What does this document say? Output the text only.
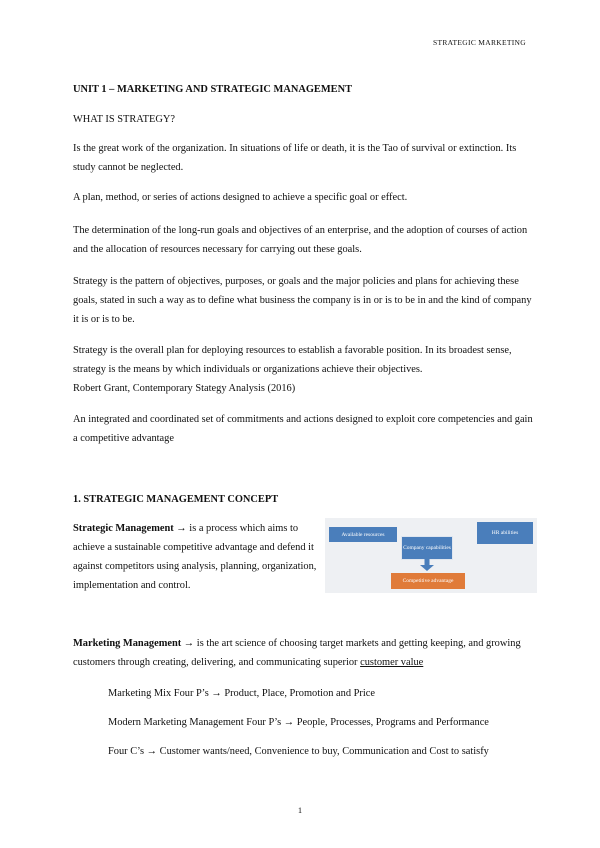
STRATEGIC MARKETING

UNIT 1 – MARKETING AND STRATEGIC MANAGEMENT

WHAT IS STRATEGY?

Is the great work of the organization. In situations of life or death, it is the Tao of survival or extinction. Its study cannot be neglected.

A plan, method, or series of actions designed to achieve a specific goal or effect.

The determination of the long-run goals and objectives of an enterprise, and the adoption of courses of action and the allocation of resources necessary for carrying out these goals.

Strategy is the pattern of objectives, purposes, or goals and the major policies and plans for achieving these goals, stated in such a way as to define what business the company is in or is to be in and the kind of company it is or is to be.

Strategy is the overall plan for deploying resources to establish a favorable position. In its broadest sense, strategy is the means by which individuals or organizations achieve their objectives.

Robert Grant, Contemporary Stategy Analysis (2016)

An integrated and coordinated set of commitments and actions designed to exploit core competencies and gain a competitive advantage

1. STRATEGIC MANAGEMENT CONCEPT

Strategic Management → is a process which aims to achieve a sustainable competitive advantage and defend it against competitors using analysis, planning, organization, implementation and control.

Available resources	HR abilities
Company capabilities
Competitive advantage

Marketing Management → is the art science of choosing target markets and getting keeping, and growing customers through creating, delivering, and communicating superior customer value

Marketing Mix Four P’s → Product, Place, Promotion and Price
Modern Marketing Management Four P’s → People, Processes, Programs and Performance
Four C’s → Customer wants/need, Convenience to buy, Communication and Cost to satisfy
1
